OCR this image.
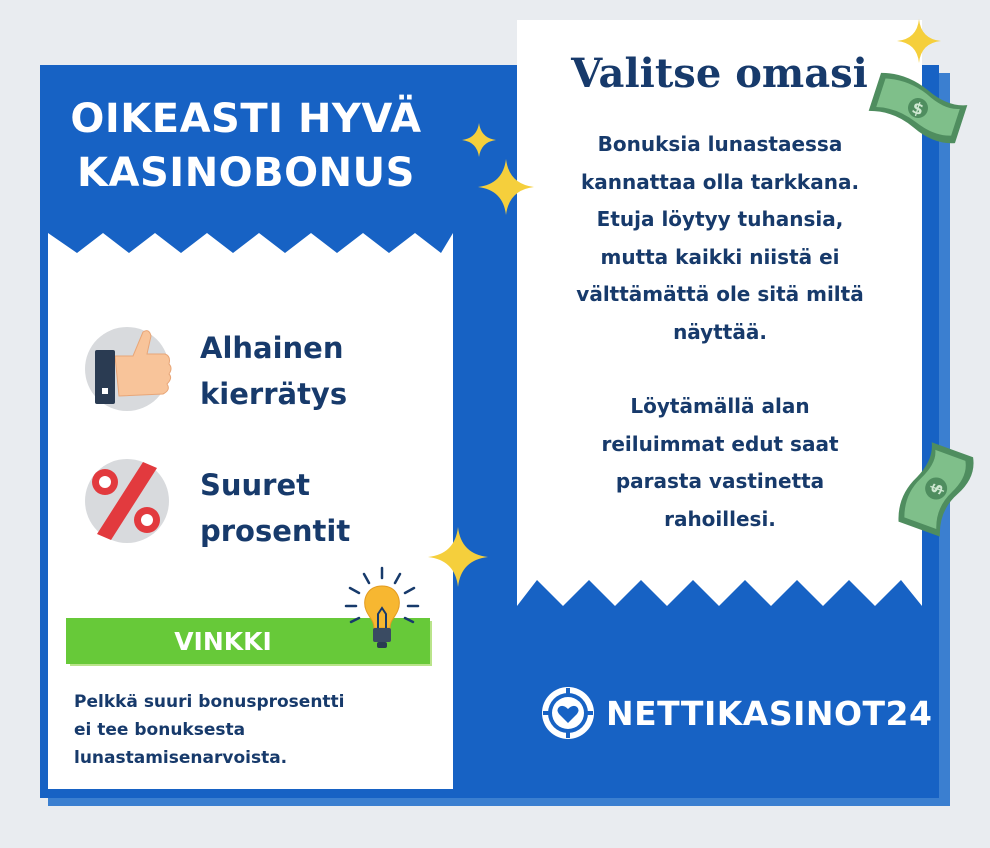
OIKEASTI HYVÄ
KASINOBONUS
Valitse omasi

Bonuksia lunastaessa

kannattaa olla tarkkana.

Etuja löytyy tuhansia,

mutta kaikki niistä ei

välttämättä ole sitä miltä

näyttää.

Löytämällä alan

reiluimmat edut saat

parasta vastinetta

rahoillesi.

Alhainen
kierrätys
Suuret
prosentit
VINKKI
Pelkkä suuri bonusprosentti
ei tee bonuksesta
lunastamisenarvoista.
$
$
NETTIKASINOT24
